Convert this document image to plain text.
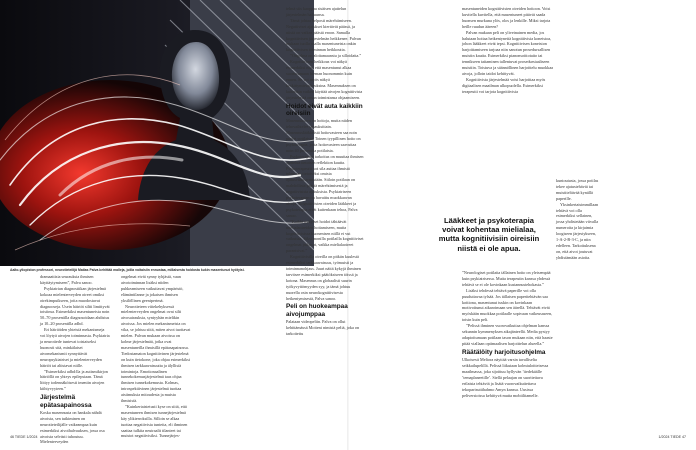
Aalto-yliopiston professori, neurotieteilijä Matias Palva kehittää malleja, joilla voitaisiin ennustaa, millaisesta hoidosta kukin masentunut hyötyisi.

dramaattisia seurauksia ihmisen käyttäytymiseen”, Palva sanoo.

Psykiatrian diagnostiikan järjestelmä kokoaa mielenterveyden oireet omiksi oirekimpuikseen, joita muodostavat diagnooseja. Usein häiriöt siltti limittyvät toisiinsa. Esimerkiksi masentuneista noin 50–70 prosentilla diagnosoidaan ahdistus ja 10–20 prosentilla adhd.

Eri häiriöiden yhteisiä mekanismeja voi löytyä aivojen toiminnasta. Psykiatria ja neurotiede tuntevat toistaiseksi huonosti sitä, minkälaiset aivomekanismit synnyttävät neuropsykiatriset ja mielenterveyden häiriöt tai altistavat niille.

”Esimerkiksi adhd:lla ja autismikirjon häiriöllä on yhteys epilepsiaan. Tämä liittyy todennäköisesti imeniin aivojen kiihtyvyyteen.”

Järjestelmä epätasapainossa

Koska masennusta on hankala nähdä aivoista, sen tutkiminen on neurotieteilijälle vaikeampaa kuin esimerkiksi aivoihalvauksen, jossa osa aivoista selvästi tuhoutuu. Mielenterveyden

ongelmat eivät synny tyhjästä, vaan aivotoiminnan lisäksi niiden puhkeamiseen vaikuttavat ympäristö, elämäntilanne ja jokaisen ihmisen yksilöllinen geeniperimä.

Neurotieteen viitekehyksessä mielenterveyden ongelmat ovat silti aivosairauksia, syntyyhän mielikin aivoissa. Jos mielen mekanismeista on vika, se johtuu siitä, miten aivot tuottavat mielen. Palvan mukaan aivoissa on kolme järjestelmää, jotka ovat masentuneilla ihmisillä epätasapainossa. Tiedostamaton kognitiivinen järjestelmä on kuin tietokone, joka ohjaa esimerkiksi ihmisen tarkkaavaisuutta ja älyllisiä toimintoja. Emotionaalinen tunnekokemusjärjestelmä taas ohjaa ihmisen tunnekokemusta. Kolmas, introspektiivinen järjestelmä tuottaa aistimuksia mitoudesta ja muista ihmisistä.

”Kuinkertaistetusti kyse on siitä, että masentuneen ihmisen tunnejärjestelmä käy ylikierroksilla. Silloin se alkaa tuottaa negatiivisia tunteita, eli ihminen saattaa tulkita neutraalit tilanteet tai muistot negatiivisiksi. Tunnejärjes-

telmä siis kaappaa sisäisen ajattelun järjestelmän haltuunsa.

Tämä johtaa helposti märehtimiseen. Negatiiviset ajatukset kiertävät päässä, ja niistä on vaikea päästä eroon. Samalla kognitiivisen järjestelmän heikkenee. Palvan mukaan tuolla osalla masentuneista onkin kognitiivisen toiminnan heikkoutta.

”Ongelma on aloitamaanstu ja silloidatta.”

Kognitiivinen heikkous voi näkyä esimerkiksi niin, että masentunut alkaa suoriutumaan hieman huonommin kuin ennen. Se voi myös näkyä keskittymisvaikeuksina. Masennuksen on kuitenkin vaikea käyttää aivojen kognitiivista järjestelmää oman toimintansa ohjaamiseen.

Hoidot eivät auta kaikkiin oireisiin

Masennukseen on hoitoja, mutta niiden tehovaihtelee tapauksittain. Masennuslääkkeistä hoitovasteen saa noin puolet potilaista. Toinen tyypillinen hoito on psykoterapia, josta hoitovasteen saavuttaa noin 40 prosenttia potilaista.

Psykoterapian tarkoitus on muuttaa ihmisen ajattelua tietoisen reflektion kautta. Psykoterapeutti voi sila auttaa ihmistä tulemaan tietoiseksi omista ajatusvääristymistään. Siiloin potilaan on mahdollista päästä märehtimisestä ja negatiivisista ajatuksista. Psykiatriseen psykoterapian on havaittu muokkaavan aivoja. Kognitiivisten oireiden lääkkeet ja psykoterapia eivät kuitenkaan tehoa, Palva sanoo.

”Kaikki nykyiset hoidot tähtäävät mielialaoireiden hoitamiseen, mutta kognitiivisissa kuonenisen niillä ei vut vaikuttaa. Siksi monilla potilailla kognitiiviset ongelmat jatkuvat, vaikka mielialaoireet paranisivat.”

Kognitiivisilla oireilla on pitkän kuulestä esimerkiksi tarkkaavaisuus, työmuisti ja toiminnanohjaus. Juuri näitä kykyjä ihminen tarvitsee esimerkiksi päätöksiseen töissä ja kotona. Masennus on globaalisti suurin työkyvyttömyyden syy, ja tämä johtuu nuorella osin neurokognitiivisesta heikentymisestä, Palva sanoo.

Peli on huokeampaa aivojumppaa

Palataan videopeliin. Palva on ollut kehittämässä Moiteni nimistä peliä, joka on tarkoitettu

masentuneiden kognitiivisten oireiden hoitoon. Voisi kuvitella kuvitella, että masentuneet pitävät saada huonsen murkuna ylös, olos ja lenkille. Miksi tarjota heille ruudun ääreen?

Palvan mukaan peli on yliveinainen media, jos halutaan hoitaa heikentyneitä kognitiivisia koneistoa, johon lääkkeet eivät tepsi. Kognitiivisen koneiston harjoittamiseen tarjoaa niin sanotun prosedursallisen muistin kautta. Esimerkiksi pianonsoittotaito tai tennikseen taitaminen tallentuvat prosedurstaaliseen muistiin. Toistuva ja säännöllinen harjoittelu muokkaa aivoja, jolloin taidot kehittyvät.

Kognitiivista järjestelmää voisi harjoittaa myös digitaalisen maailman ulkopuolella. Esimerkiksi terapeutti voi tarjota kognitiivisia

kuntoutusta, jossa potilas tekee ajatustehäviä tai muistiteltävää kynällä paperille.

Yksinkertaisimmillaan tehtävä voi olla esimerkiksi sellainen, jossa yhdistetään viivalla numeroita ja kirjaimia loogiseen järjestykseen, 1-A-2-B-3-C, ja niin edelleen. Tarkoituksena on, että aivot joutuvat yhdistämään asioita.

”Neurologiset potilaita tällainen hoito on yleisempää kuin psykiatrisessa. Mutta terapeutin kanssa yhdessä tehtävä se ei ole kovinkaan kustannustehokasta.”

Lisäksi tehdessä tehtävä paperille voi olla puuduttavaa tylsää. Jos tällaisen paperitehtävän saa koitiona, masentunut tuskin on kovinkaan motivoitunut aikaroimaan sen äärellä. Tehtävät eivät myöskään muokkaa potilaalle sopivaan vaikeusaseen, toisin kuin peli.

”Pelissä ihminen vuorovaikuttaa ohjelman kanssa sekunnin kymmenyksen aikajänteellä. Media pystyy adaptoitumaan potilaan tason mukaan niin, että haaste pitää viallaan optimaalisen harjoittelun alueella.”

Räätälöity harjoitusohjelma

Ulkoisesti Meliora näyttää varsin tavalliselta seikkailupelillä. Pelissä liikutaan kolmiuloitteisessa maailmassa, joka sijoittuu hyllyvän ’tiedekäälle ’temaplaneetille’. Siellä pelaajan on suoritettava erilaisia tehtäviä ja lisätä vuorovaikuttettava tekoparisuttihahmo Amyn kanssa. Uusissa peliversioissa kehittyvä mutta mobiilitamelle.

Lääkkeet ja psykoterapia voivat kohentaa mielialaa, mutta kognitiivisiin oireisiin niistä ei ole apua.
46 TIEDE 1/2024	1/2024 TIEDE 47
